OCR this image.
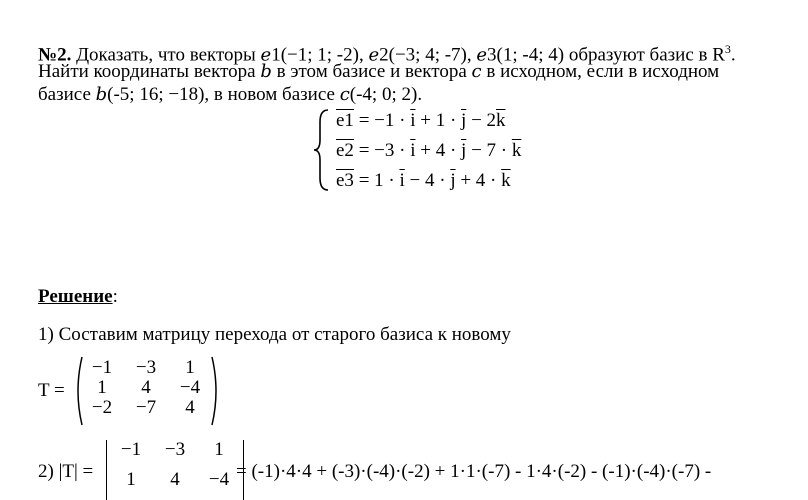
№2. Доказать, что векторы e1(−1; 1; -2), e2(−3; 4; -7), e3(1; -4; 4) образуют базис в $R^3$.
Найти координаты вектора b в этом базисе и вектора c в исходном, если в исходном
базисе b(-5; 16; −18), в новом базисе c(-4; 0; 2).
$e1 = -1 \cdot \overline{i} + 1 \cdot \overline{j} - 2\overline{k}$
$e2 = -3 \cdot \overline{i} + 4 \cdot \overline{j} - 7 \cdot \overline{k}$
$e3 = 1 \cdot \overline{i} - 4 \cdot \overline{j} + 4 \cdot \overline{k}$
Решение:
1) Составим матрицу перехода от старого базиса к новому
T =
−1	−3	1
1	4	−4
−2	−7	4
2) |T| =
−1	−3	1
1	4	−4 = (-1)·4·4 + (-3)·(-4)·(-2) + 1·1·(-7) - 1·4·(-2) - (-1)·(-4)·(-7) -
